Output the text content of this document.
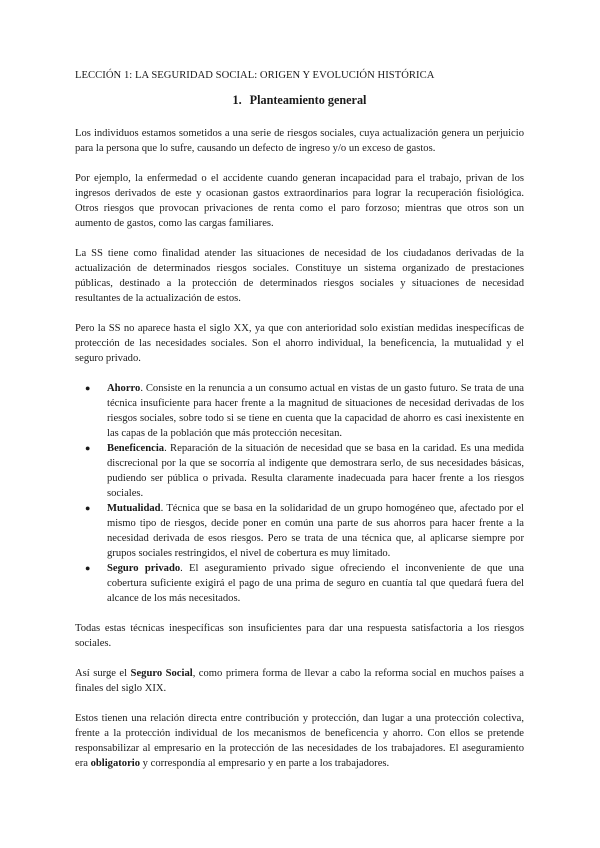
LECCIÓN 1: LA SEGURIDAD SOCIAL: ORIGEN Y EVOLUCIÓN HISTÓRICA
1. Planteamiento general

Los individuos estamos sometidos a una serie de riesgos sociales, cuya actualización genera un perjuicio para la persona que lo sufre, causando un defecto de ingreso y/o un exceso de gastos.

Por ejemplo, la enfermedad o el accidente cuando generan incapacidad para el trabajo, privan de los ingresos derivados de este y ocasionan gastos extraordinarios para lograr la recuperación fisiológica. Otros riesgos que provocan privaciones de renta como el paro forzoso; mientras que otros son un aumento de gastos, como las cargas familiares.

La SS tiene como finalidad atender las situaciones de necesidad de los ciudadanos derivadas de la actualización de determinados riesgos sociales. Constituye un sistema organizado de prestaciones públicas, destinado a la protección de determinados riesgos sociales y situaciones de necesidad resultantes de la actualización de estos.

Pero la SS no aparece hasta el siglo XX, ya que con anterioridad solo existían medidas inespecíficas de protección de las necesidades sociales. Son el ahorro individual, la beneficencia, la mutualidad y el seguro privado.

● Ahorro. Consiste en la renuncia a un consumo actual en vistas de un gasto futuro. Se trata de una técnica insuficiente para hacer frente a la magnitud de situaciones de necesidad derivadas de los riesgos sociales, sobre todo si se tiene en cuenta que la capacidad de ahorro es casi inexistente en las capas de la población que más protección necesitan.
● Beneficencia. Reparación de la situación de necesidad que se basa en la caridad. Es una medida discrecional por la que se socorría al indigente que demostrara serlo, de sus necesidades básicas, pudiendo ser pública o privada. Resulta claramente inadecuada para hacer frente a los riesgos sociales.
● Mutualidad. Técnica que se basa en la solidaridad de un grupo homogéneo que, afectado por el mismo tipo de riesgos, decide poner en común una parte de sus ahorros para hacer frente a la necesidad derivada de esos riesgos. Pero se trata de una técnica que, al aplicarse siempre por grupos sociales restringidos, el nivel de cobertura es muy limitado.
● Seguro privado. El aseguramiento privado sigue ofreciendo el inconveniente de que una cobertura suficiente exigirá el pago de una prima de seguro en cuantía tal que quedará fuera del alcance de los más necesitados.

Todas estas técnicas inespecíficas son insuficientes para dar una respuesta satisfactoria a los riesgos sociales.

Así surge el Seguro Social, como primera forma de llevar a cabo la reforma social en muchos países a finales del siglo XIX.

Estos tienen una relación directa entre contribución y protección, dan lugar a una protección colectiva, frente a la protección individual de los mecanismos de beneficencia y ahorro. Con ellos se pretende responsabilizar al empresario en la protección de las necesidades de los trabajadores. El aseguramiento era obligatorio y correspondía al empresario y en parte a los trabajadores.
